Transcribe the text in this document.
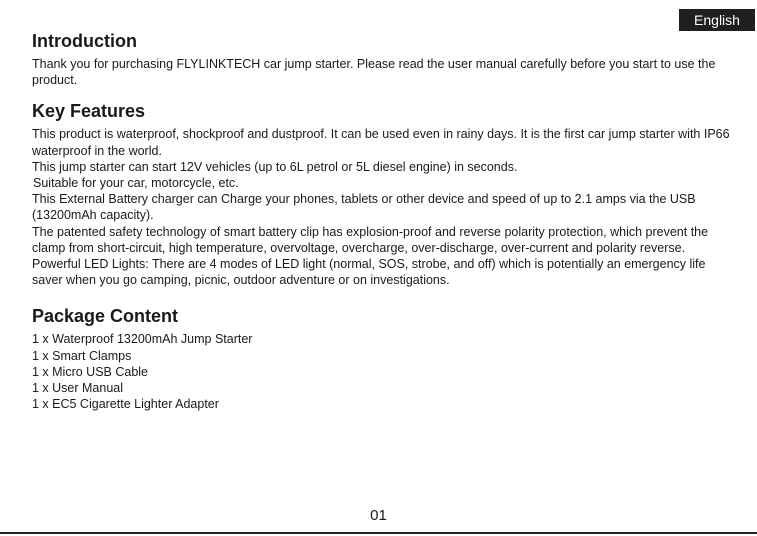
English
Introduction

Thank you for purchasing FLYLINKTECH car jump starter. Please read the user manual carefully before you start to use the product.

Key Features

This product is waterproof, shockproof and dustproof. It can be used even in rainy days. It is the first car jump starter with IP66 waterproof in the world.

This jump starter can start 12V vehicles (up to 6L petrol or 5L diesel engine) in seconds.

Suitable for your car, motorcycle, etc.

This External Battery charger can Charge your phones, tablets or other device and speed of up to 2.1 amps via the USB (13200mAh capacity).

The patented safety technology of smart battery clip has explosion-proof and reverse polarity protection, which prevent the clamp from short-circuit, high temperature, overvoltage, overcharge, over-discharge, over-current and polarity reverse.

Powerful LED Lights: There are 4 modes of LED light (normal, SOS, strobe, and off) which is potentially an emergency life saver when you go camping, picnic, outdoor adventure or on investigations.

Package Content

1 x Waterproof 13200mAh Jump Starter

1 x Smart Clamps

1 x Micro USB Cable

1 x User Manual

1 x EC5 Cigarette Lighter Adapter

01
